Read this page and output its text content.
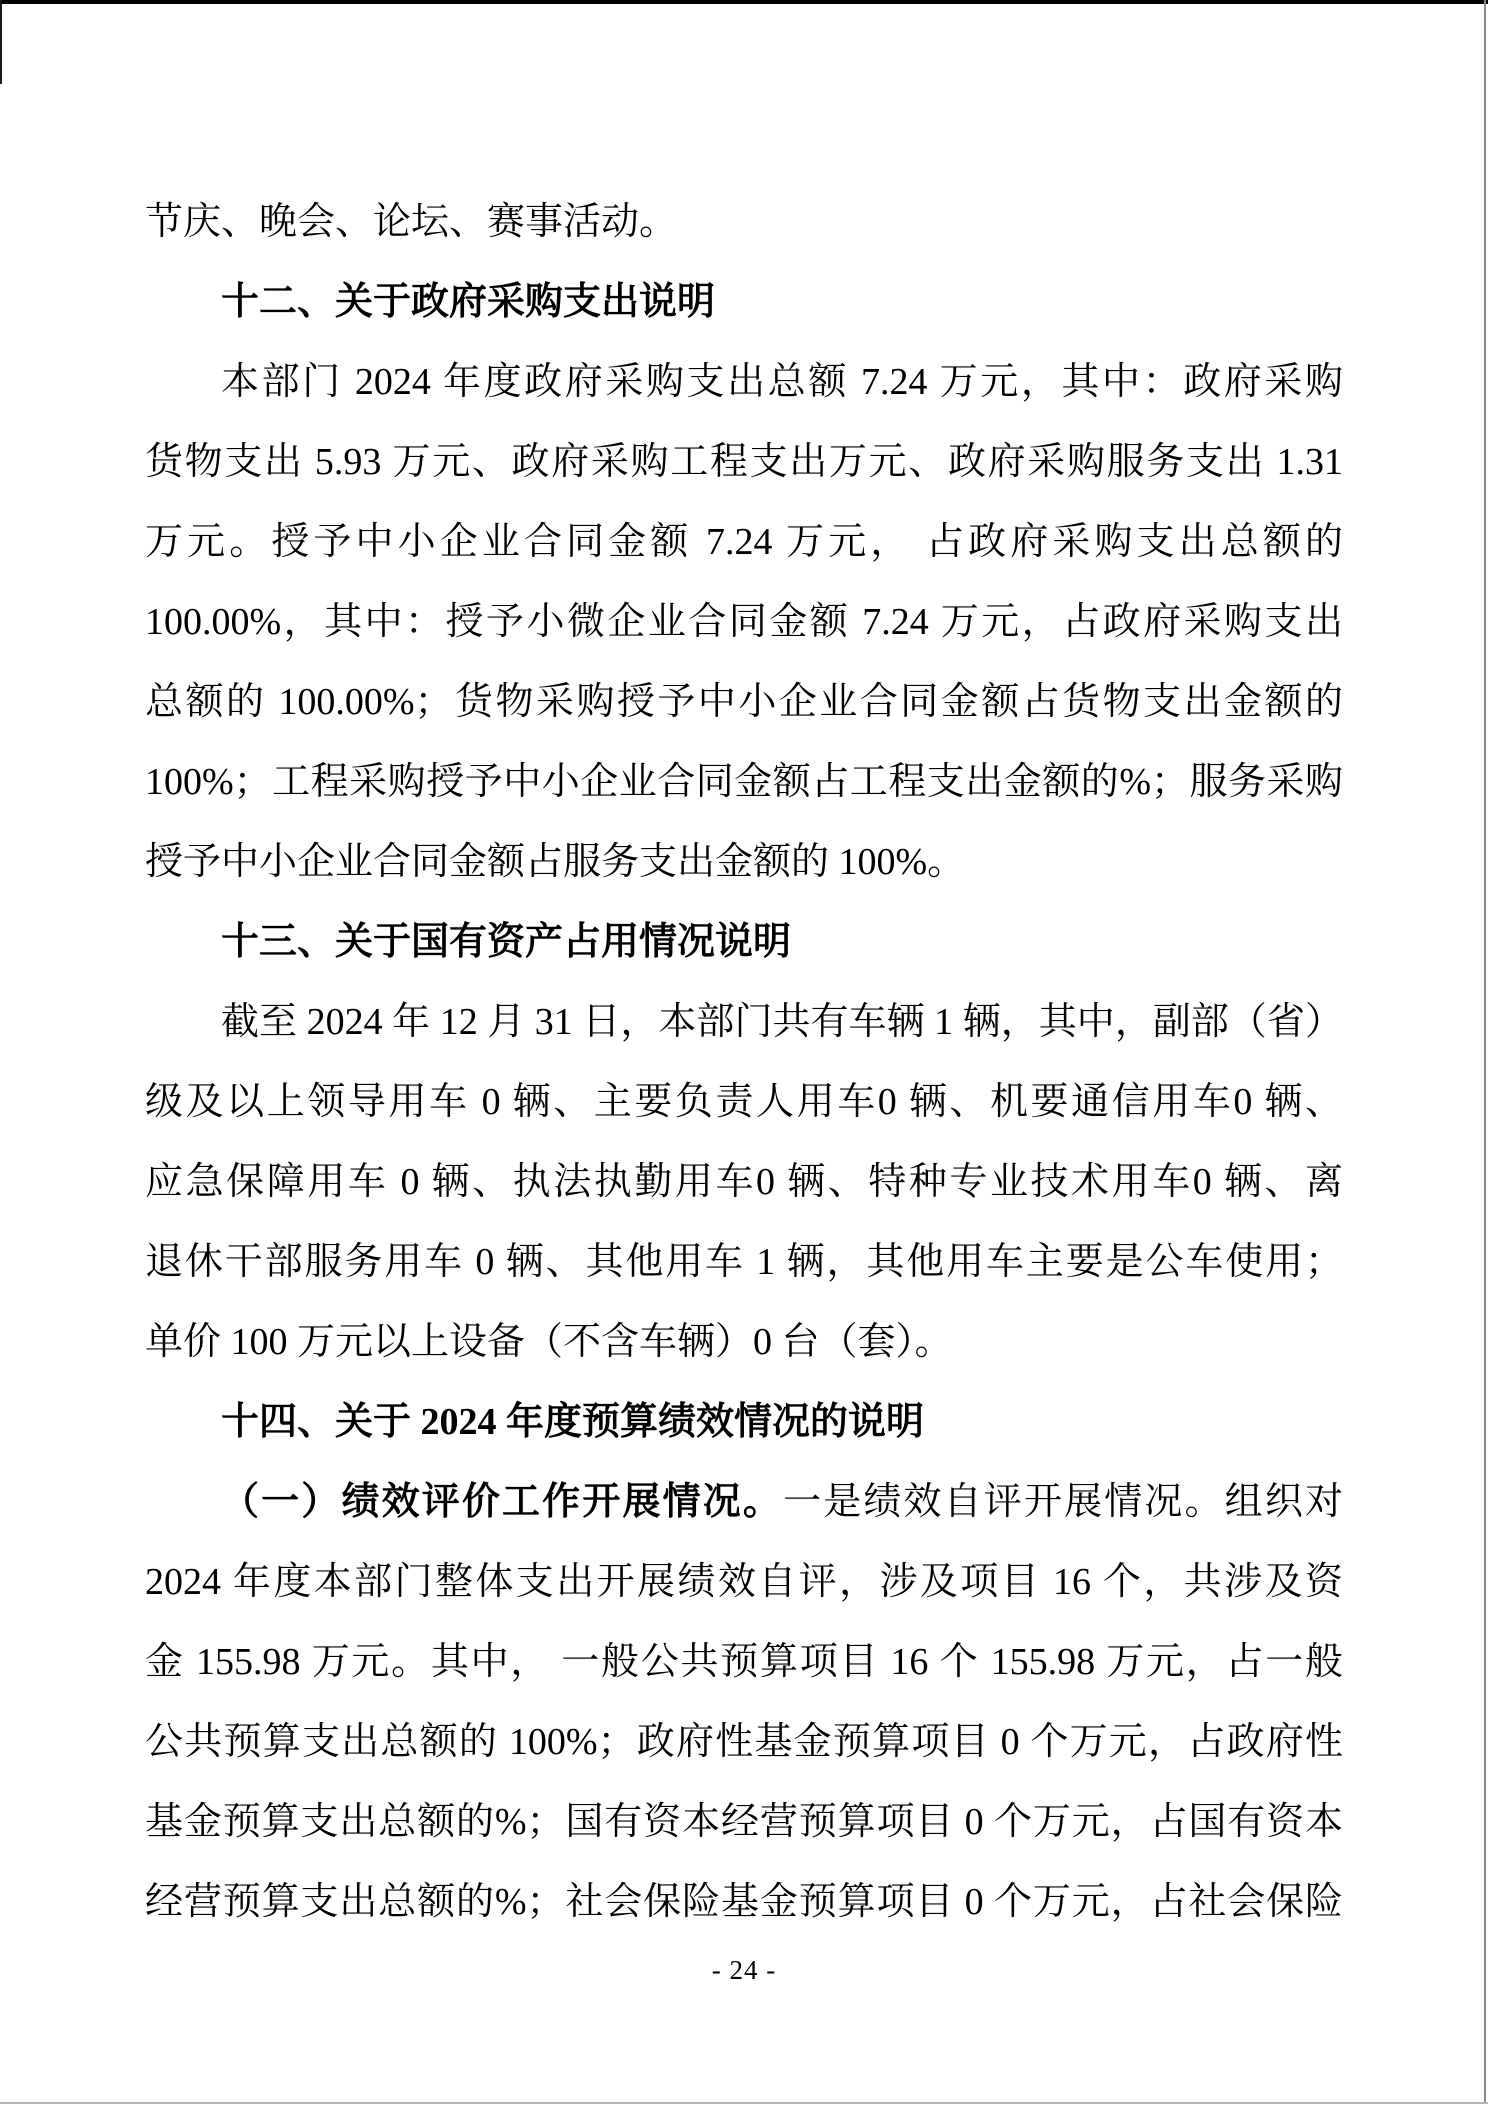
节庆、晚会、论坛、赛事活动。
十二、关于政府采购支出说明
本部门 2024 年度政府采购支出总额 7.24 万元，其中：政府采购
货物支出 5.93 万元、政府采购工程支出万元、政府采购服务支出 1.31
万元。授予中小企业合同金额 7.24 万元， 占政府采购支出总额的
100.00%，其中：授予小微企业合同金额 7.24 万元，占政府采购支出
总额的 100.00%；货物采购授予中小企业合同金额占货物支出金额的
100%；工程采购授予中小企业合同金额占工程支出金额的%；服务采购
授予中小企业合同金额占服务支出金额的 100%。
十三、关于国有资产占用情况说明
截至 2024 年 12 月 31 日，本部门共有车辆 1 辆，其中，副部（省）
级及以上领导用车 0 辆、主要负责人用车0 辆、机要通信用车0 辆、
应急保障用车 0 辆、执法执勤用车0 辆、特种专业技术用车0 辆、离
退休干部服务用车 0 辆、其他用车 1 辆，其他用车主要是公车使用；
单价 100 万元以上设备（不含车辆）0 台（套）。
十四、关于 2024 年度预算绩效情况的说明
（一）绩效评价工作开展情况。一是绩效自评开展情况。组织对
2024 年度本部门整体支出开展绩效自评，涉及项目 16 个，共涉及资
金 155.98 万元。其中， 一般公共预算项目 16 个 155.98 万元，占一般
公共预算支出总额的 100%；政府性基金预算项目 0 个万元，占政府性
基金预算支出总额的%；国有资本经营预算项目 0 个万元，占国有资本
经营预算支出总额的%；社会保险基金预算项目 0 个万元，占社会保险
- 24 -
